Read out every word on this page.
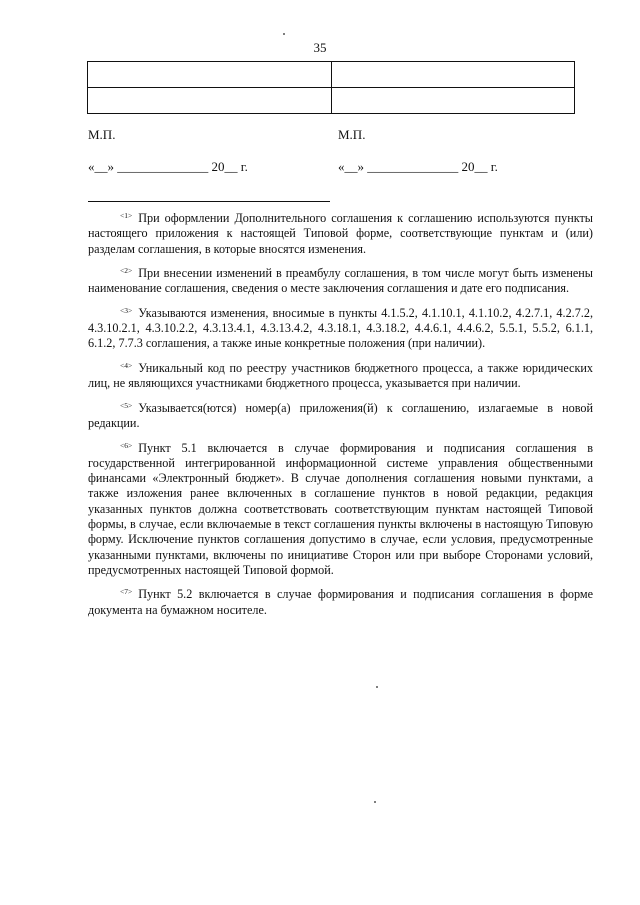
35

М.П.	М.П.
«__» ______________ 20__ г.	«__» ______________ 20__ г.

$^{<1>}$ При оформлении Дополнительного соглашения к соглашению используются пункты настоящего приложения к настоящей Типовой форме, соответствующие пунктам и (или) разделам соглашения, в которые вносятся изменения.

$^{<2>}$ При внесении изменений в преамбулу соглашения, в том числе могут быть изменены наименование соглашения, сведения о месте заключения соглашения и дате его подписания.

$^{<3>}$ Указываются изменения, вносимые в пункты 4.1.5.2, 4.1.10.1, 4.1.10.2, 4.2.7.1, 4.2.7.2, 4.3.10.2.1, 4.3.10.2.2, 4.3.13.4.1, 4.3.13.4.2, 4.3.18.1, 4.3.18.2, 4.4.6.1, 4.4.6.2, 5.5.1, 5.5.2, 6.1.1, 6.1.2, 7.7.3 соглашения, а также иные конкретные положения (при наличии).

$^{<4>}$ Уникальный код по реестру участников бюджетного процесса, а также юридических лиц, не являющихся участниками бюджетного процесса, указывается при наличии.

$^{<5>}$ Указывается(ются) номер(а) приложения(й) к соглашению, излагаемые в новой редакции.

$^{<6>}$ Пункт 5.1 включается в случае формирования и подписания соглашения в государственной интегрированной информационной системе управления общественными финансами «Электронный бюджет». В случае дополнения соглашения новыми пунктами, а также изложения ранее включенных в соглашение пунктов в новой редакции, редакция указанных пунктов должна соответствовать соответствующим пунктам настоящей Типовой формы, в случае, если включаемые в текст соглашения пункты включены в настоящую Типовую форму. Исключение пунктов соглашения допустимо в случае, если условия, предусмотренные указанными пунктами, включены по инициативе Сторон или при выборе Сторонами условий, предусмотренных настоящей Типовой формой.

$^{<7>}$ Пункт 5.2 включается в случае формирования и подписания соглашения в форме документа на бумажном носителе.
